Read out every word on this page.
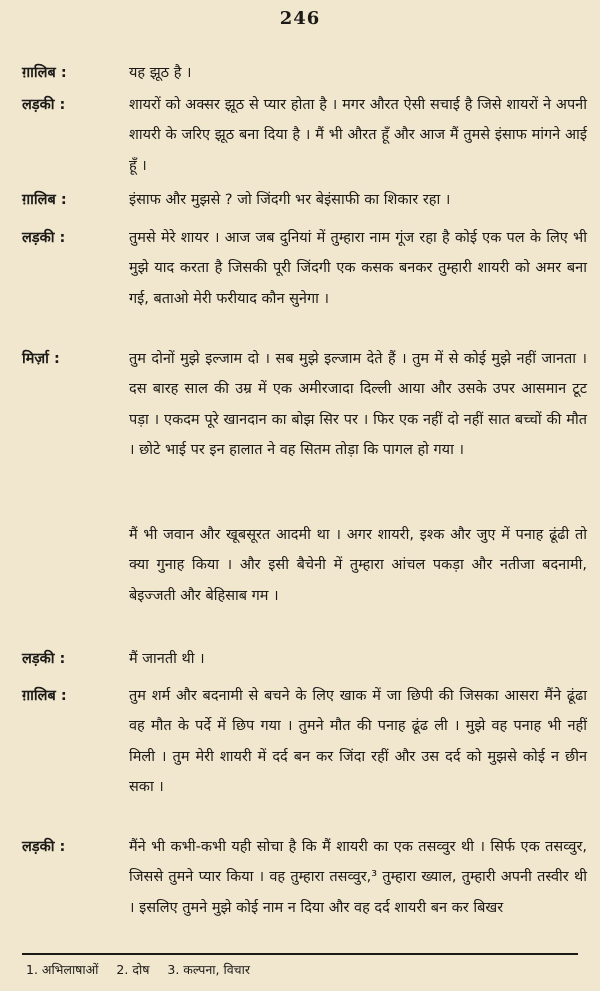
246
ग़ालिब :	यह झूठ है ।
लड़की :	शायरों को अक्सर झूठ से प्यार होता है । मगर औरत ऐसी सचाई है जिसे शायरों ने अपनी शायरी के जरिए झूठ बना दिया है । मैं भी औरत हूँ और आज मैं तुमसे इंसाफ मांगने आई हूँ ।
ग़ालिब :	इंसाफ और मुझसे ? जो जिंदगी भर बेइंसाफी का शिकार रहा ।
लड़की :	तुमसे मेरे शायर । आज जब दुनियां में तुम्हारा नाम गूंज रहा है कोई एक पल के लिए भी मुझे याद करता है जिसकी पूरी जिंदगी एक कसक बनकर तुम्हारी शायरी को अमर बना गई, बताओ मेरी फरीयाद कौन सुनेगा ।
मिर्ज़ा :	तुम दोनों मुझे इल्जाम दो । सब मुझे इल्जाम देते हैं । तुम में से कोई मुझे नहीं जानता । दस बारह साल की उम्र में एक अमीरजादा दिल्ली आया और उसके उपर आसमान टूट पड़ा । एकदम पूरे खानदान का बोझ सिर पर । फिर एक नहीं दो नहीं सात बच्चों की मौत । छोटे भाई पर इन हालात ने वह सितम तोड़ा कि पागल हो गया ।
मैं भी जवान और खूबसूरत आदमी था । अगर शायरी, इश्क और जुए में पनाह ढूंढी तो क्या गुनाह किया । और इसी बैचेनी में तुम्हारा आंचल पकड़ा और नतीजा बदनामी, बेइज्जती और बेहिसाब गम ।
लड़की :	मैं जानती थी ।
ग़ालिब :	तुम शर्म और बदनामी से बचने के लिए खाक में जा छिपी की जिसका आसरा मैंने ढूंढा वह मौत के पर्दे में छिप गया । तुमने मौत की पनाह ढूंढ ली । मुझे वह पनाह भी नहीं मिली । तुम मेरी शायरी में दर्द बन कर जिंदा रहीं और उस दर्द को मुझसे कोई न छीन सका ।
लड़की :	मैंने भी कभी-कभी यही सोचा है कि मैं शायरी का एक तसव्वुर थी । सिर्फ एक तसव्वुर, जिससे तुमने प्यार किया । वह तुम्हारा तसव्वुर,³ तुम्हारा ख्याल, तुम्हारी अपनी तस्वीर थी । इसलिए तुमने मुझे कोई नाम न दिया और वह दर्द शायरी बन कर बिखर
1. अभिलाषाओं 2. दोष 3. कल्पना, विचार
